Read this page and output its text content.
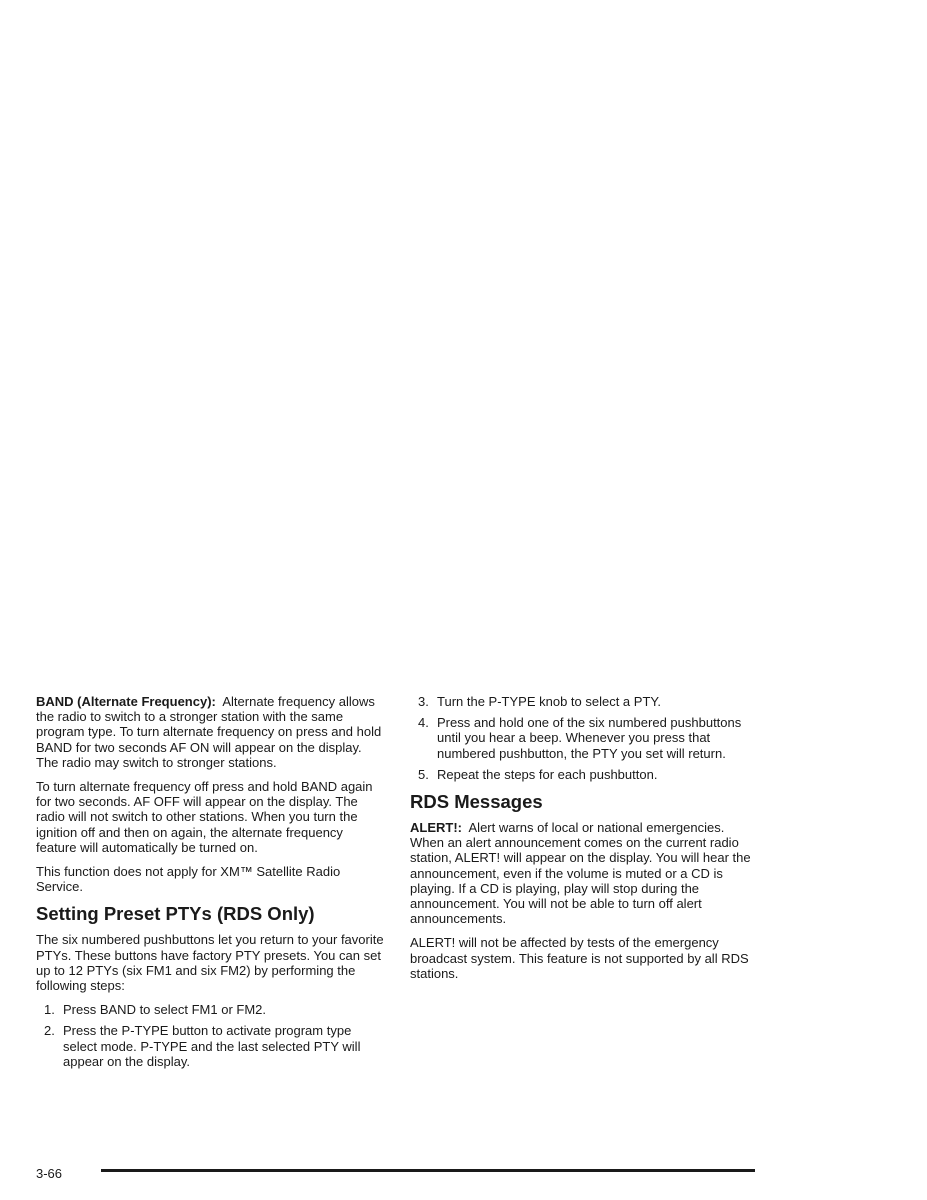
BAND (Alternate Frequency): Alternate frequency allows the radio to switch to a stronger station with the same program type. To turn alternate frequency on press and hold BAND for two seconds AF ON will appear on the display. The radio may switch to stronger stations.

To turn alternate frequency off press and hold BAND again for two seconds. AF OFF will appear on the display. The radio will not switch to other stations. When you turn the ignition off and then on again, the alternate frequency feature will automatically be turned on.

This function does not apply for XM™ Satellite Radio Service.

Setting Preset PTYs (RDS Only)

The six numbered pushbuttons let you return to your favorite PTYs. These buttons have factory PTY presets. You can set up to 12 PTYs (six FM1 and six FM2) by performing the following steps:

1. Press BAND to select FM1 or FM2.
2. Press the P-TYPE button to activate program type select mode. P-TYPE and the last selected PTY will appear on the display.
3. Turn the P-TYPE knob to select a PTY.
4. Press and hold one of the six numbered pushbuttons until you hear a beep. Whenever you press that numbered pushbutton, the PTY you set will return.
5. Repeat the steps for each pushbutton.
RDS Messages

ALERT!: Alert warns of local or national emergencies. When an alert announcement comes on the current radio station, ALERT! will appear on the display. You will hear the announcement, even if the volume is muted or a CD is playing. If a CD is playing, play will stop during the announcement. You will not be able to turn off alert announcements.

ALERT! will not be affected by tests of the emergency broadcast system. This feature is not supported by all RDS stations.

3-66
